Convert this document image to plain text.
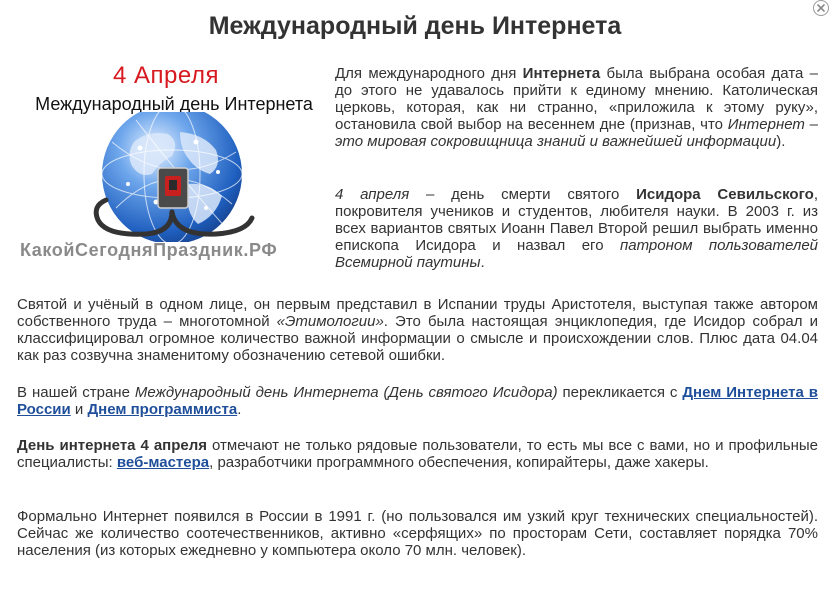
Международный день Интернета
4 Апреля
Международный день Интернета
КакойСегодняПраздник.РФ

Для международного дня Интернета была выбрана особая дата – до этого не удавалось прийти к единому мнению. Католическая церковь, которая, как ни странно, «приложила к этому руку», остановила свой выбор на весеннем дне (признав, что Интернет – это мировая сокровищница знаний и важнейшей информации).

4 апреля – день смерти святого Исидора Севильского, покровителя учеников и студентов, любителя науки. В 2003 г. из всех вариантов святых Иоанн Павел Второй решил выбрать именно епископа Исидора и назвал его патроном пользователей Всемирной паутины.

Святой и учёный в одном лице, он первым представил в Испании труды Аристотеля, выступая также автором собственного труда – многотомной «Этимологии». Это была настоящая энциклопедия, где Исидор собрал и классифицировал огромное количество важной информации о смысле и происхождении слов. Плюс дата 04.04 как раз созвучна знаменитому обозначению сетевой ошибки.

В нашей стране Международный день Интернета (День святого Исидора) перекликается с Днем Интернета в России и Днем программиста.

День интернета 4 апреля отмечают не только рядовые пользователи, то есть мы все с вами, но и профильные специалисты: веб-мастера, разработчики программного обеспечения, копирайтеры, даже хакеры.

Формально Интернет появился в России в 1991 г. (но пользовался им узкий круг технических специальностей). Сейчас же количество соотечественников, активно «серфящих» по просторам Сети, составляет порядка 70% населения (из которых ежедневно у компьютера около 70 млн. человек).
